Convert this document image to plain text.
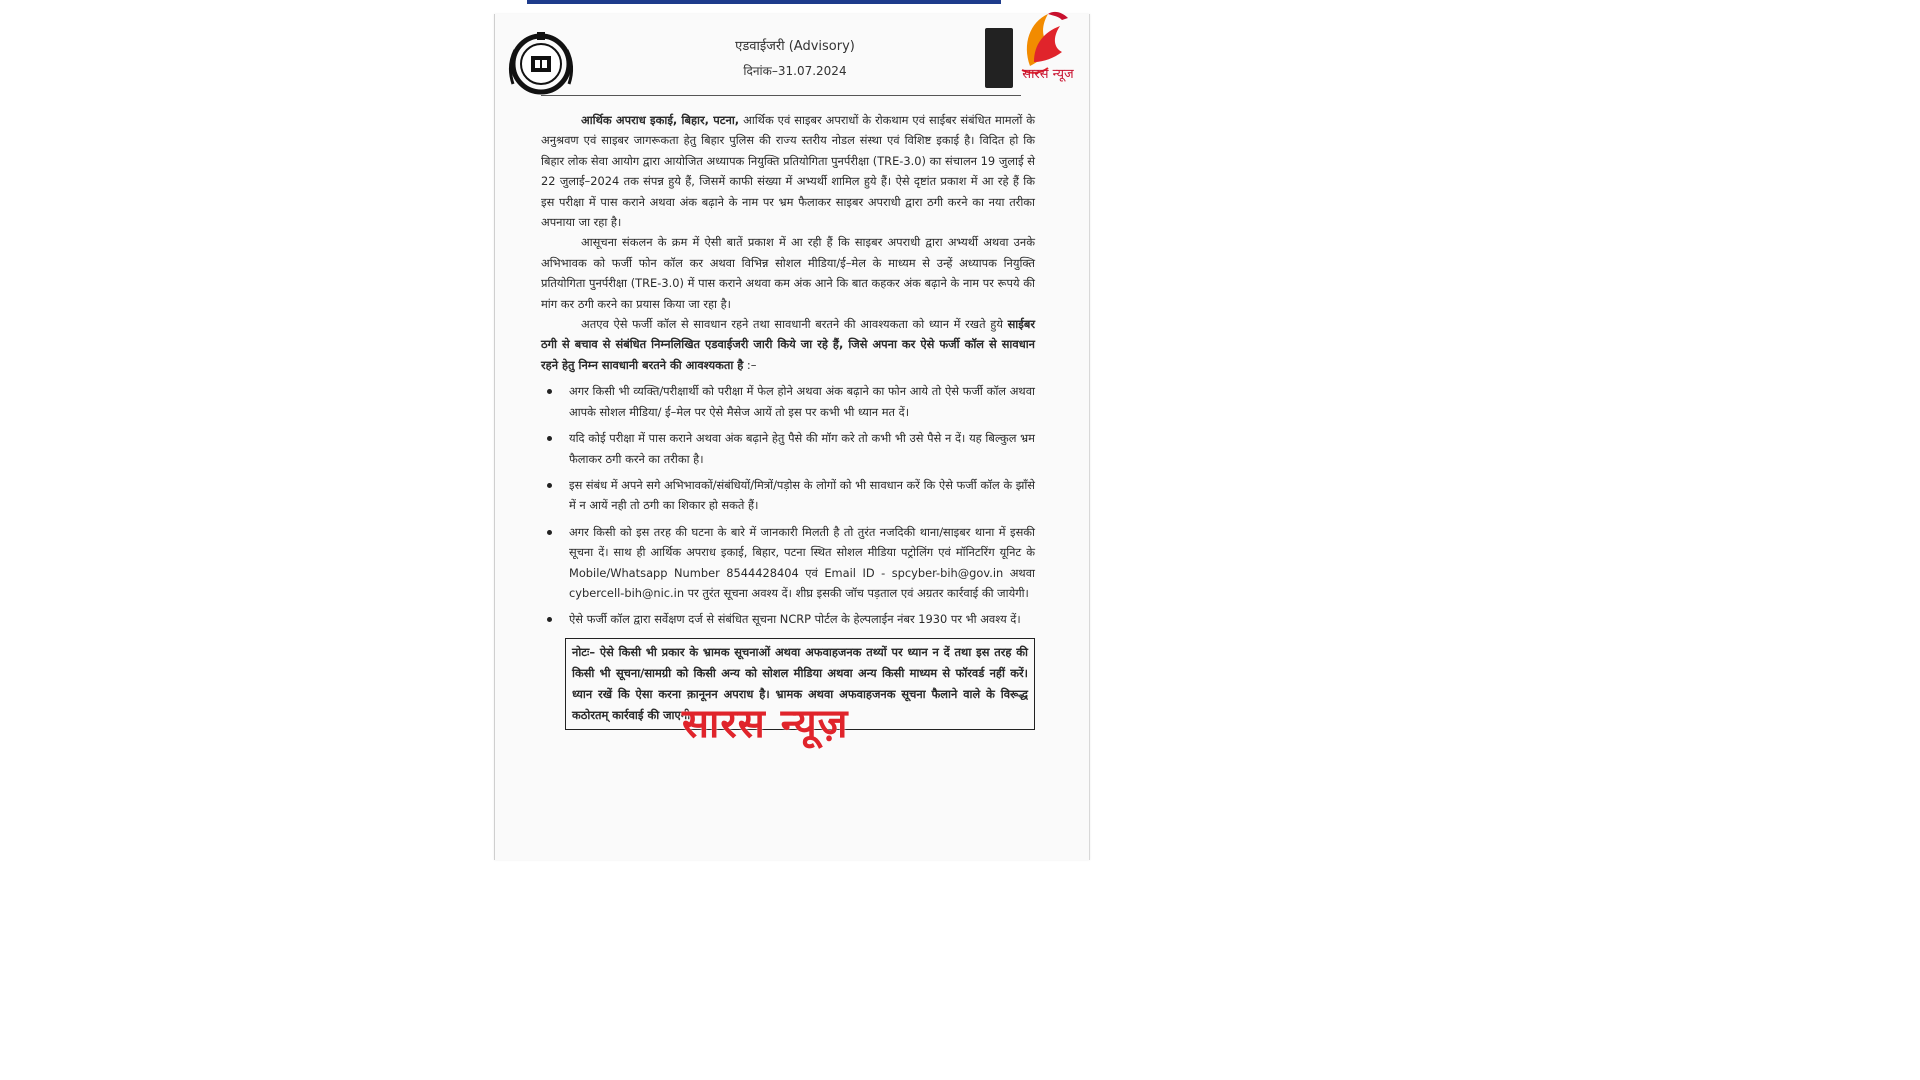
एडवाईजरी (Advisory)
दिनांक–31.07.2024

आर्थिक अपराध इकाई, बिहार, पटना, आर्थिक एवं साइबर अपराधों के रोकथाम एवं साईबर संबंधित मामलों के अनुश्रवण एवं साइबर जागरूकता हेतु बिहार पुलिस की राज्य स्तरीय नोडल संस्था एवं विशिष्ट इकाई है। विदित हो कि बिहार लोक सेवा आयोग द्वारा आयोजित अध्यापक नियुक्ति प्रतियोगिता पुनर्परीक्षा (TRE-3.0) का संचालन 19 जुलाई से 22 जुलाई–2024 तक संपन्न हुये हैं, जिसमें काफी संख्या में अभ्यर्थी शामिल हुये हैं। ऐसे दृष्टांत प्रकाश में आ रहे हैं कि इस परीक्षा में पास कराने अथवा अंक बढ़ाने के नाम पर भ्रम फैलाकर साइबर अपराधी द्वारा ठगी करने का नया तरीका अपनाया जा रहा है।

आसूचना संकलन के क्रम में ऐसी बातें प्रकाश में आ रही हैं कि साइबर अपराधी द्वारा अभ्यर्थी अथवा उनके अभिभावक को फर्जी फोन कॉल कर अथवा विभिन्न सोशल मीडिया/ई–मेल के माध्यम से उन्हें अध्यापक नियुक्ति प्रतियोगिता पुनर्परीक्षा (TRE-3.0) में पास कराने अथवा कम अंक आने कि बात कहकर अंक बढ़ाने के नाम पर रूपये की मांग कर ठगी करने का प्रयास किया जा रहा है।

अतएव ऐसे फर्जी कॉल से सावधान रहने तथा सावधानी बरतने की आवश्यकता को ध्यान में रखते हुये साईबर ठगी से बचाव से संबंधित निम्नलिखित एडवाईजरी जारी किये जा रहे हैं, जिसे अपना कर ऐसे फर्जी कॉल से सावधान रहने हेतु निम्न सावधानी बरतने की आवश्यकता है :–

अगर किसी भी व्यक्ति/परीक्षार्थी को परीक्षा में फेल होने अथवा अंक बढ़ाने का फोन आये तो ऐसे फर्जी कॉल अथवा आपके सोशल मीडिया/ ई–मेल पर ऐसे मैसेज आयें तो इस पर कभी भी ध्यान मत दें।
यदि कोई परीक्षा में पास कराने अथवा अंक बढ़ाने हेतु पैसे की मॉग करे तो कभी भी उसे पैसे न दें। यह बिल्कुल भ्रम फैलाकर ठगी करने का तरीका है।
इस संबंध में अपने सगे अभिभावकों/संबंधियों/मित्रों/पड़ोस के लोगों को भी सावधान करें कि ऐसे फर्जी कॉल के झाँसे में न आयें नही तो ठगी का शिकार हो सकते हैं।
अगर किसी को इस तरह की घटना के बारे में जानकारी मिलती है तो तुरंत नजदिकी थाना/साइबर थाना में इसकी सूचना दें। साथ ही आर्थिक अपराध इकाई, बिहार, पटना स्थित सोशल मीडिया पट्रोलिंग एवं मॉनिटरिंग यूनिट के Mobile/Whatsapp Number 8544428404 एवं Email ID - spcyber-bih@gov.in अथवा cybercell-bih@nic.in पर तुरंत सूचना अवश्य दें। शीघ्र इसकी जॉच पड़ताल एवं अग्रतर कार्रवाई की जायेगी।
ऐसे फर्जी कॉल द्वारा सर्वेक्षण दर्ज से संबंधित सूचना NCRP पोर्टल के हेल्पलाईन नंबर 1930 पर भी अवश्य दें।
नोटः– ऐसे किसी भी प्रकार के भ्रामक सूचनाओं अथवा अफवाहजनक तथ्यों पर ध्यान न दें तथा इस तरह की किसी भी सूचना/सामग्री को किसी अन्य को सोशल मीडिया अथवा अन्य किसी माध्यम से फॉरवर्ड नहीं करें। ध्यान रखें कि ऐसा करना क़ानूनन अपराध है। भ्रामक अथवा अफवाहजनक सूचना फैलाने वाले के विरूद्ध कठोरतम् कार्रवाई की जाएगी।
सारस न्यूज
सारस न्यूज़
